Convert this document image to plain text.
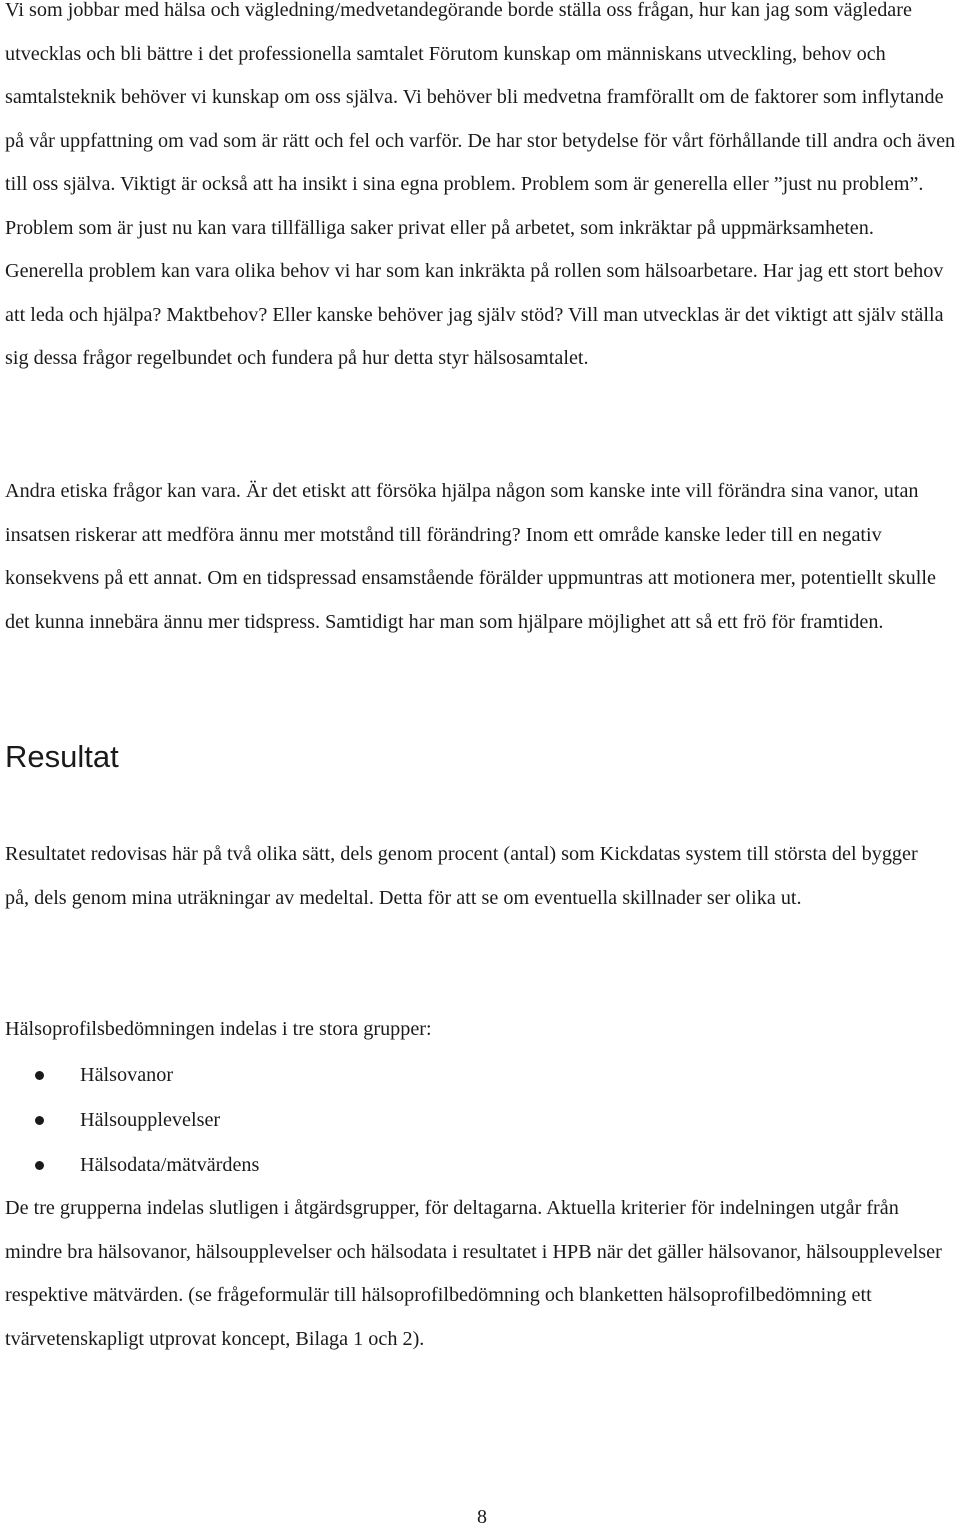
Vi som jobbar med hälsa och vägledning/medvetandegörande borde ställa oss frågan, hur kan jag som vägledare utvecklas och bli bättre i det professionella samtalet Förutom kunskap om människans utveckling, behov och samtalsteknik behöver vi kunskap om oss själva. Vi behöver bli medvetna framförallt om de faktorer som inflytande på vår uppfattning om vad som är rätt och fel och varför. De har stor betydelse för vårt förhållande till andra och även till oss själva. Viktigt är också att ha insikt i sina egna problem. Problem som är generella eller ”just nu problem”. Problem som är just nu kan vara tillfälliga saker privat eller på arbetet, som inkräktar på uppmärksamheten. Generella problem kan vara olika behov vi har som kan inkräkta på rollen som hälsoarbetare. Har jag ett stort behov att leda och hjälpa? Maktbehov? Eller kanske behöver jag själv stöd? Vill man utvecklas är det viktigt att själv ställa sig dessa frågor regelbundet och fundera på hur detta styr hälsosamtalet.

Andra etiska frågor kan vara. Är det etiskt att försöka hjälpa någon som kanske inte vill förändra sina vanor, utan insatsen riskerar att medföra ännu mer motstånd till förändring? Inom ett område kanske leder till en negativ konsekvens på ett annat. Om en tidspressad ensamstående förälder uppmuntras att motionera mer, potentiellt skulle det kunna innebära ännu mer tidspress. Samtidigt har man som hjälpare möjlighet att så ett frö för framtiden.

Resultat

Resultatet redovisas här på två olika sätt, dels genom procent (antal) som Kickdatas system till största del bygger på, dels genom mina uträkningar av medeltal. Detta för att se om eventuella skillnader ser olika ut.

Hälsoprofilsbedömningen indelas i tre stora grupper:

Hälsovanor
Hälsoupplevelser
Hälsodata/mätvärdens

De tre grupperna indelas slutligen i åtgärdsgrupper, för deltagarna. Aktuella kriterier för indelningen utgår från mindre bra hälsovanor, hälsoupplevelser och hälsodata i resultatet i HPB när det gäller hälsovanor, hälsoupplevelser respektive mätvärden. (se frågeformulär till hälsoprofilbedömning och blanketten hälsoprofilbedömning ett tvärvetenskapligt utprovat koncept, Bilaga 1 och 2).

8
